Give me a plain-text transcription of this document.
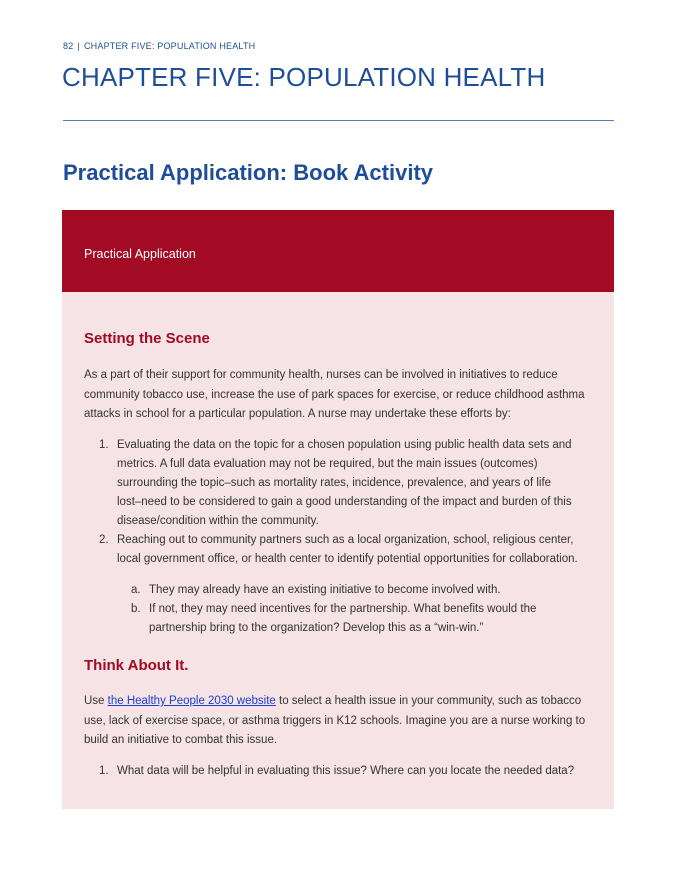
82 | CHAPTER FIVE: POPULATION HEALTH
CHAPTER FIVE: POPULATION HEALTH
Practical Application: Book Activity
Practical Application
Setting the Scene

As a part of their support for community health, nurses can be involved in initiatives to reduce
community tobacco use, increase the use of park spaces for exercise, or reduce childhood asthma
attacks in school for a particular population. A nurse may undertake these efforts by:

1. Evaluating the data on the topic for a chosen population using public health data sets and
metrics. A full data evaluation may not be required, but the main issues (outcomes)
surrounding the topic–such as mortality rates, incidence, prevalence, and years of life
lost–need to be considered to gain a good understanding of the impact and burden of this
disease/condition within the community.
2. Reaching out to community partners such as a local organization, school, religious center,
local government office, or health center to identify potential opportunities for collaboration.
a. They may already have an existing initiative to become involved with.
b. If not, they may need incentives for the partnership. What benefits would the
partnership bring to the organization? Develop this as a “win-win.”
Think About It.

Use the Healthy People 2030 website to select a health issue in your community, such as tobacco
use, lack of exercise space, or asthma triggers in K12 schools. Imagine you are a nurse working to
build an initiative to combat this issue.

1. What data will be helpful in evaluating this issue? Where can you locate the needed data?
